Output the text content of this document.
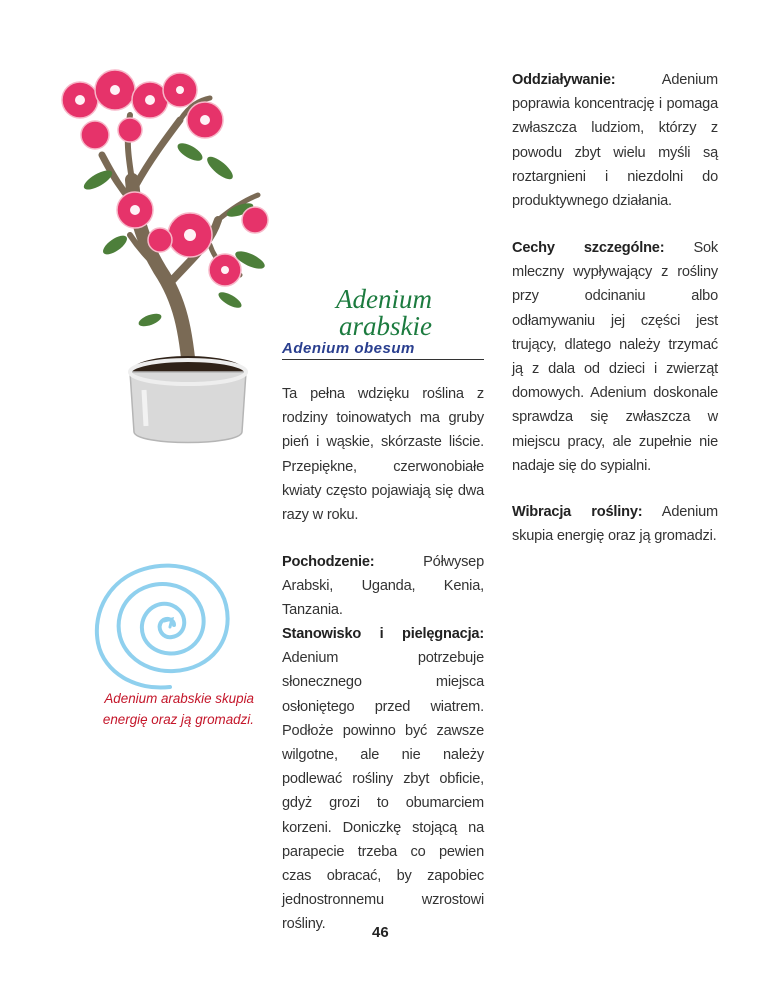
Adenium
arabskie
Adenium obesum
Ta pełna wdzięku roślina z rodziny toinowatych ma gruby pień i wąskie, skórzaste liście. Przepiękne, czerwonobiałe kwiaty często pojawiają się dwa razy w roku.
Pochodzenie:	Półwysep Arabski, Uganda, Kenia, Tanzania.
Stanowisko i pielęgnacja:
Adenium potrzebuje słonecznego miejsca osłoniętego przed wiatrem. Podłoże powinno być zawsze wilgotne, ale nie należy podlewać rośliny zbyt obficie, gdyż grozi to obumarciem korzeni. Doniczkę stojącą na parapecie trzeba co pewien czas obracać, by zapobiec jednostronnemu wzrostowi rośliny.
Oddziaływanie:	Adenium poprawia koncentrację i pomaga zwłaszcza ludziom, którzy z powodu zbyt wielu myśli są roztargnieni i niezdolni do produktywnego działania.
Cechy szczególne: Sok mleczny wypływający z rośliny przy odcinaniu albo odłamywaniu jej części jest trujący, dlatego należy trzymać ją z dala od dzieci i zwierząt domowych. Adenium doskonale sprawdza się zwłaszcza w miejscu pracy, ale zupełnie nie nadaje się do sypialni.
Wibracja rośliny: Adenium skupia energię oraz ją gromadzi.
Adenium arabskie skupia
energię oraz ją gromadzi.
46
